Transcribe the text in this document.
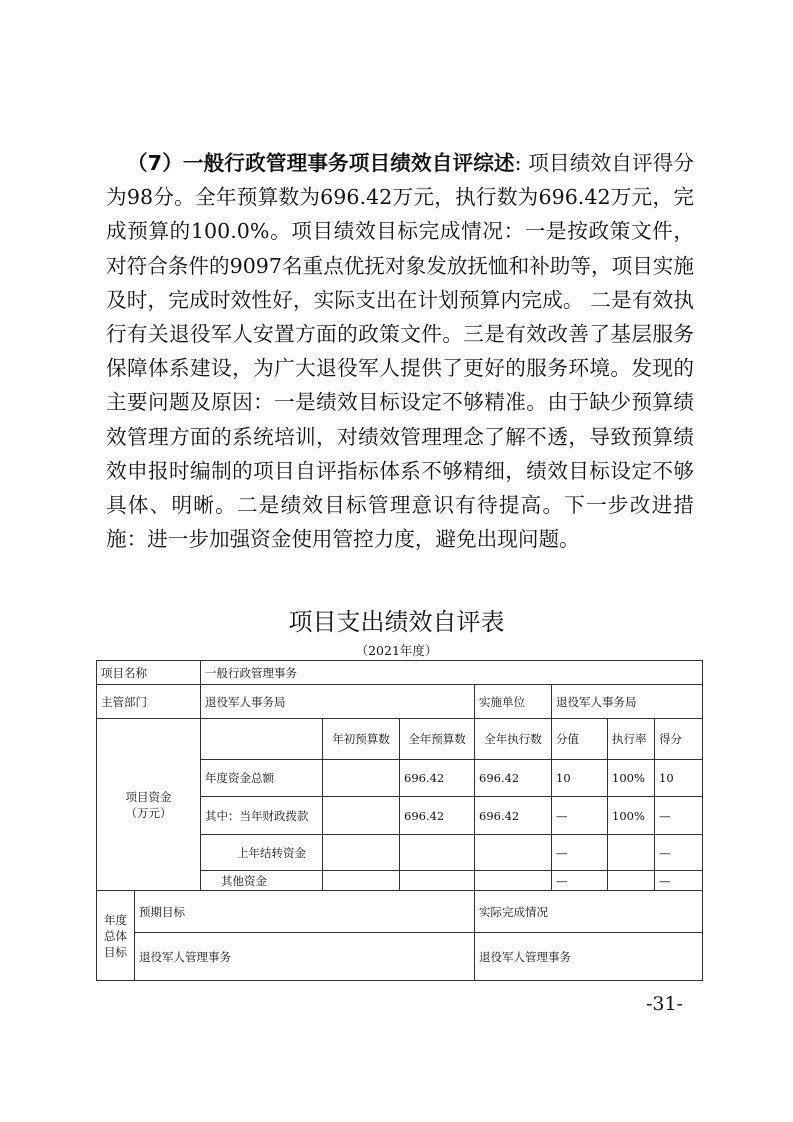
（7）一般行政管理事务项目绩效自评综述: 项目绩效自评得分为98分。全年预算数为696.42万元，执行数为696.42万元，完成预算的100.0%。项目绩效目标完成情况：一是按政策文件，对符合条件的9097名重点优抚对象发放抚恤和补助等，项目实施及时，完成时效性好，实际支出在计划预算内完成。 二是有效执行有关退役军人安置方面的政策文件。三是有效改善了基层服务保障体系建设，为广大退役军人提供了更好的服务环境。发现的主要问题及原因：一是绩效目标设定不够精准。由于缺少预算绩效管理方面的系统培训，对绩效管理理念了解不透，导致预算绩效申报时编制的项目自评指标体系不够精细，绩效目标设定不够具体、明晰。二是绩效目标管理意识有待提高。下一步改进措施：进一步加强资金使用管控力度，避免出现问题。
项目支出绩效自评表
（2021年度）
项目名称		一般行政管理事务						
主管部门		退役军人事务局			实施单位	退役军人事务局		
项目资金
（万元）			年初预算数	全年预算数	全年执行数	分值	执行率	得分
		年度资金总额		696.42	696.42	10	100%	10
		其中：当年财政拨款		696.42	696.42	—	100%	—
		上年结转资金				—		—
		其他资金				—		—
年度
总体
目标	预期目标				实际完成情况			
	退役军人管理事务				退役军人管理事务			
-31-
